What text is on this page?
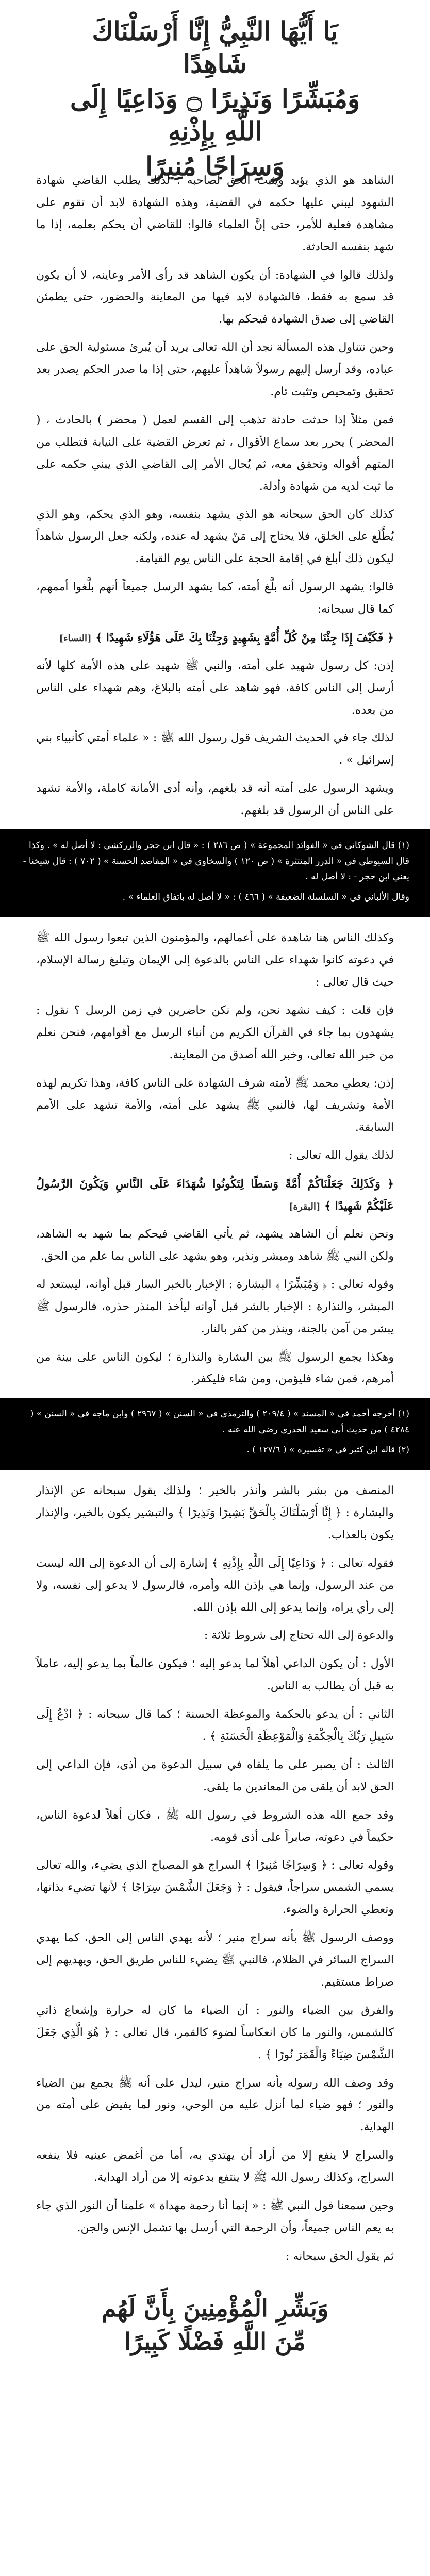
يَا أَيُّهَا النَّبِيُّ إِنَّا أَرْسَلْنَاكَ شَاهِدًا
وَمُبَشِّرًا وَنَذِيرًا ۝ وَدَاعِيًا إِلَى اللَّهِ بِإِذْنِهِ
وَسِرَاجًا مُنِيرًا

الشاهد هو الذي يؤيد ويثبت الحق لصاحبه ؛ لذلك يطلب القاضي شهادة الشهود ليبني عليها حكمه في القضية، وهذه الشهادة لابد أن تقوم على مشاهدة فعلية للأمر، حتى إنَّ العلماء قالوا: للقاضي أن يحكم بعلمه، إذا ما شهد بنفسه الحادثة.

ولذلك قالوا في الشهادة: أن يكون الشاهد قد رأى الأمر وعاينه، لا أن يكون قد سمع به فقط، فالشهادة لابد فيها من المعاينة والحضور، حتى يطمئن القاضي إلى صدق الشهادة فيحكم بها.

وحين نتناول هذه المسألة نجد أن الله تعالى يريد أن يُبرئ مسئولية الحق على عباده، وقد أرسل إليهم رسولاً شاهداً عليهم، حتى إذا ما صدر الحكم يصدر بعد تحقيق وتمحيص وتثبت تام.

فمن مثلاً إذا حدثت حادثة تذهب إلى القسم لعمل ( محضر ) بالحادث ، ( المحضر ) يحرر بعد سماع الأقوال ، ثم تعرض القضية على النيابة فتطلب من المتهم أقواله وتحقق معه، ثم يُحال الأمر إلى القاضي الذي يبني حكمه على ما ثبت لديه من شهادة وأدلة.

كذلك كان الحق سبحانه هو الذي يشهد بنفسه، وهو الذي يحكم، وهو الذي يُطَّلَع على الخلق، فلا يحتاج إلى مَنْ يشهد له عنده، ولكنه جعل الرسول شاهداً ليكون ذلك أبلغ في إقامة الحجة على الناس يوم القيامة.

قالوا: يشهد الرسول أنه بلَّغ أمته، كما يشهد الرسل جميعاً أنهم بلَّغوا أممهم، كما قال سبحانه:

﴿ فَكَيْفَ إِذَا جِئْنَا مِنْ كُلِّ أُمَّةٍ بِشَهِيدٍ وَجِئْنَا بِكَ عَلَى هَؤُلَاءِ شَهِيدًا ﴾ [النساء]

إذن: كل رسول شهيد على أمته، والنبي ﷺ شهيد على هذه الأمة كلها لأنه أرسل إلى الناس كافة، فهو شاهد على أمته بالبلاغ، وهم شهداء على الناس من بعده.

لذلك جاء في الحديث الشريف قول رسول الله ﷺ : « علماء أمتي كأنبياء بني إسرائيل » .

ويشهد الرسول على أمته أنه قد بلغهم، وأنه أدى الأمانة كاملة، والأمة تشهد على الناس أن الرسول قد بلغهم.

(١) قال الشوكاني في « الفوائد المجموعة » ( ص ٢٨٦ ) : « قال ابن حجر والزركشي : لا أصل له » . وكذا قال السيوطي في « الدرر المنتثرة » ( ص ١٢٠ ) والسخاوي في « المقاصد الحسنة » ( ٧٠٢ ) : قال شيخنا - يعني ابن حجر - : لا أصل له .

وقال الألباني في « السلسلة الضعيفة » ( ٤٦٦ ) : « لا أصل له باتفاق العلماء » .

وكذلك الناس هنا شاهدة على أعمالهم، والمؤمنون الذين تبعوا رسول الله ﷺ في دعوته كانوا شهداء على الناس بالدعوة إلى الإيمان وتبليغ رسالة الإسلام، حيث قال تعالى :

فإن قلت : كيف نشهد نحن، ولم نكن حاضرين في زمن الرسل ؟ نقول : يشهدون بما جاء في القرآن الكريم من أنباء الرسل مع أقوامهم، فنحن نعلم من خبر الله تعالى، وخبر الله أصدق من المعاينة.

إذن: يعطي محمد ﷺ لأمته شرف الشهادة على الناس كافة، وهذا تكريم لهذه الأمة وتشريف لها، فالنبي ﷺ يشهد على أمته، والأمة تشهد على الأمم السابقة.

لذلك يقول الله تعالى :

﴿ وَكَذَلِكَ جَعَلْنَاكُمْ أُمَّةً وَسَطًا لِتَكُونُوا شُهَدَاءَ عَلَى النَّاسِ وَيَكُونَ الرَّسُولُ عَلَيْكُمْ شَهِيدًا ﴾ [البقرة]

ونحن نعلم أن الشاهد يشهد، ثم يأتي القاضي فيحكم بما شهد به الشاهد، ولكن النبي ﷺ شاهد ومبشر ونذير، وهو يشهد على الناس بما علم من الحق.

وقوله تعالى : ﴿ وَمُبَشِّرًا ﴾ البشارة : الإخبار بالخبر السار قبل أوانه، ليستعد له المبشر، والنذارة : الإخبار بالشر قبل أوانه ليأخذ المنذر حذره، فالرسول ﷺ يبشر من آمن بالجنة، وينذر من كفر بالنار.

وهكذا يجمع الرسول ﷺ بين البشارة والنذارة ؛ ليكون الناس على بينة من أمرهم، فمن شاء فليؤمن، ومن شاء فليكفر.

(١) أخرجه أحمد في « المسند » ( ٢٠٩/٤ ) والترمذي في « السنن » ( ٢٩٦٧ ) وابن ماجه في « السنن » ( ٤٢٨٤ ) من حديث أبي سعيد الخدري رضي الله عنه .

(٢) قاله ابن كثير في « تفسيره » ( ١٢٧/٦ ) .

المنصف من بشر بالشر وأنذر بالخير ؛ ولذلك يقول سبحانه عن الإنذار والبشارة : ﴿ إِنَّا أَرْسَلْنَاكَ بِالْحَقِّ بَشِيرًا وَنَذِيرًا ﴾ والتبشير يكون بالخير، والإنذار يكون بالعذاب.

فقوله تعالى : ﴿ وَدَاعِيًا إِلَى اللَّهِ بِإِذْنِهِ ﴾ إشارة إلى أن الدعوة إلى الله ليست من عند الرسول، وإنما هي بإذن الله وأمره، فالرسول لا يدعو إلى نفسه، ولا إلى رأي يراه، وإنما يدعو إلى الله بإذن الله.

والدعوة إلى الله تحتاج إلى شروط ثلاثة :

الأول : أن يكون الداعي أهلاً لما يدعو إليه ؛ فيكون عالماً بما يدعو إليه، عاملاً به قبل أن يطالب به الناس.

الثاني : أن يدعو بالحكمة والموعظة الحسنة ؛ كما قال سبحانه : ﴿ ادْعُ إِلَى سَبِيلِ رَبِّكَ بِالْحِكْمَةِ وَالْمَوْعِظَةِ الْحَسَنَةِ ﴾ .

الثالث : أن يصبر على ما يلقاه في سبيل الدعوة من أذى، فإن الداعي إلى الحق لابد أن يلقى من المعاندين ما يلقى.

وقد جمع الله هذه الشروط في رسول الله ﷺ ، فكان أهلاً لدعوة الناس، حكيماً في دعوته، صابراً على أذى قومه.

وقوله تعالى : ﴿ وَسِرَاجًا مُنِيرًا ﴾ السراج هو المصباح الذي يضيء، والله تعالى يسمي الشمس سراجاً، فيقول : ﴿ وَجَعَلَ الشَّمْسَ سِرَاجًا ﴾ لأنها تضيء بذاتها، وتعطي الحرارة والضوء.

ووصف الرسول ﷺ بأنه سراج منير ؛ لأنه يهدي الناس إلى الحق، كما يهدي السراج السائر في الظلام، فالنبي ﷺ يضيء للناس طريق الحق، ويهديهم إلى صراط مستقيم.

والفرق بين الضياء والنور : أن الضياء ما كان له حرارة وإشعاع ذاتي كالشمس، والنور ما كان انعكاساً لضوء كالقمر، قال تعالى : ﴿ هُوَ الَّذِي جَعَلَ الشَّمْسَ ضِيَاءً وَالْقَمَرَ نُورًا ﴾ .

وقد وصف الله رسوله بأنه سراج منير، ليدل على أنه ﷺ يجمع بين الضياء والنور ؛ فهو ضياء لما أنزل عليه من الوحي، ونور لما يفيض على أمته من الهداية.

والسراج لا ينفع إلا من أراد أن يهتدي به، أما من أغمض عينيه فلا ينفعه السراج، وكذلك رسول الله ﷺ لا ينتفع بدعوته إلا من أراد الهداية.

وحين سمعنا قول النبي ﷺ : « إنما أنا رحمة مهداة » علمنا أن النور الذي جاء به يعم الناس جميعاً، وأن الرحمة التي أرسل بها تشمل الإنس والجن.

ثم يقول الحق سبحانه :

وَبَشِّرِ الْمُؤْمِنِينَ بِأَنَّ لَهُم
مِّنَ اللَّهِ فَضْلًا كَبِيرًا
